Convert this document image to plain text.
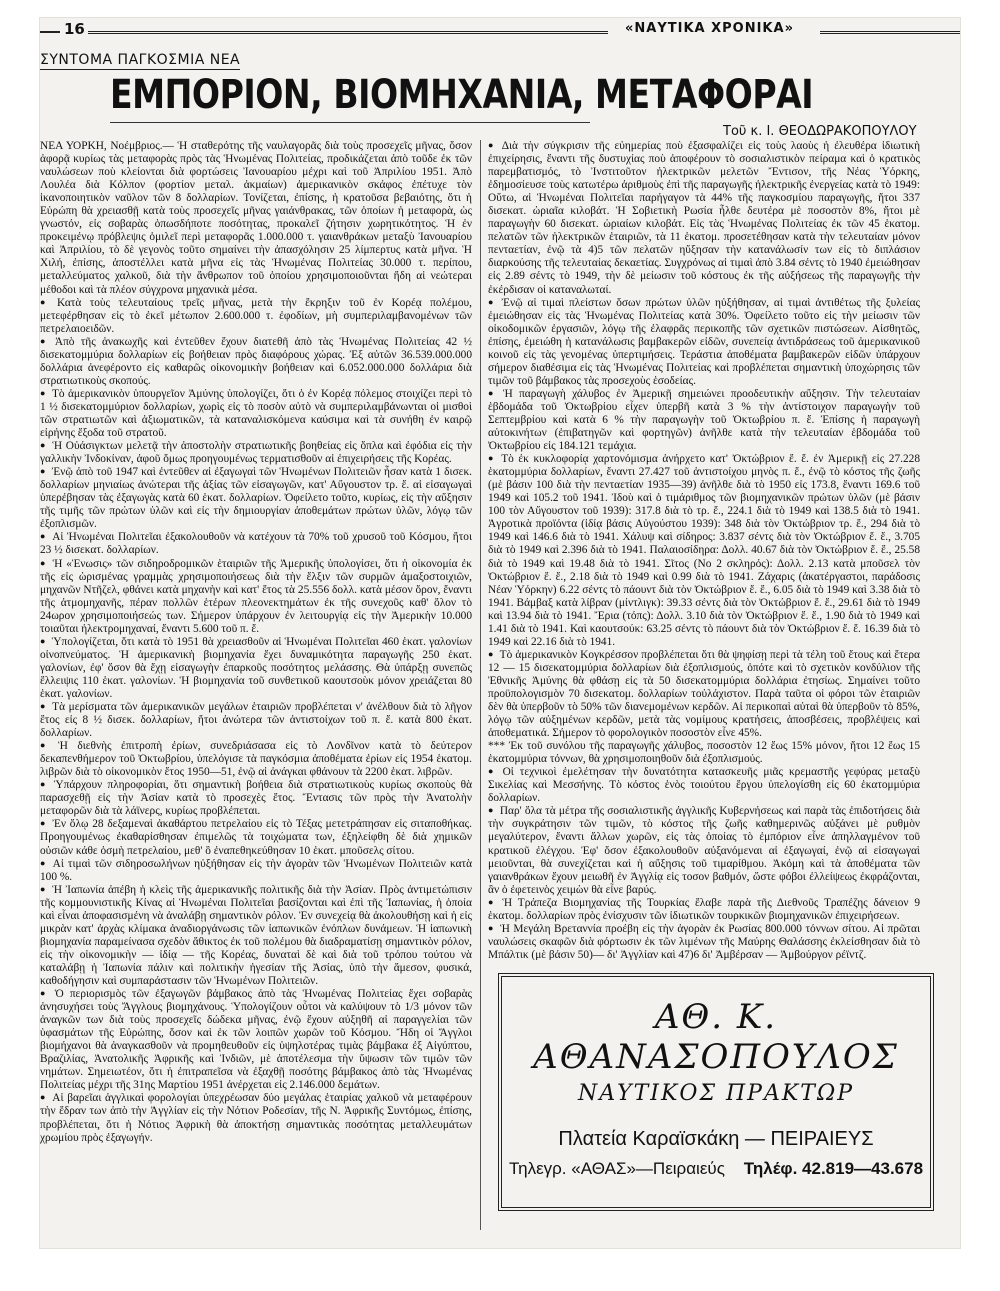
16	«ΝΑΥΤΙΚΑ ΧΡΟΝΙΚΑ»
ΣΥΝΤΟΜΑ ΠΑΓΚΟΣΜΙΑ ΝΕΑ
ΕΜΠΟΡΙΟΝ, ΒΙΟΜΗΧΑΝΙΑ, ΜΕΤΑΦΟΡΑΙ
Τοῦ κ. Ι. ΘΕΟΔΩΡΑΚΟΠΟΥΛΟΥ

ΝΕΑ ΥΟΡΚΗ, Νοέμβριος.— Ἡ σταθερότης τῆς ναυλαγορᾶς διὰ τοὺς προσεχεῖς μῆνας, ὅσον ἀφορᾷ κυρίως τὰς μεταφορὰς πρὸς τὰς Ἡνωμένας Πολιτείας, προδικάζεται ἀπὸ τοῦδε ἐκ τῶν ναυλώσεων ποὺ κλείονται διὰ φορτώσεις Ἰανουαρίου μέχρι καὶ τοῦ Ἀπριλίου 1951. Ἀπὸ Λουλέα διὰ Κόλπον (φορτίον μεταλ. ἀκμαίων) ἀμερικανικὸν σκάφος ἐπέτυχε τὸν ἱκανοποιητικὸν ναῦλον τῶν 8 δολλαρίων. Τονίζεται, ἐπίσης, ἡ κρατοῦσα βεβαιότης, ὅτι ἡ Εὐρώπη θὰ χρειασθῇ κατὰ τοὺς προσεχεῖς μῆνας γαιάνθρακας, τῶν ὁποίων ἡ μεταφορὰ, ὡς γνωστόν, εἰς σοβαρὰς ὁπωσδήποτε ποσότητας, προκαλεῖ ζήτησιν χωρητικότητος. Ἡ ἐν προκειμένῳ πρόβλεψις ὁμιλεῖ περὶ μεταφορᾶς 1.000.000 τ. γαιανθράκων μεταξὺ Ἰανουαρίου καὶ Ἀπριλίου, τὸ δὲ γεγονὸς τοῦτο σημαίνει τὴν ἀπασχόλησιν 25 λίμπερτυς κατὰ μῆνα. Ἡ Χιλή, ἐπίσης, ἀποστέλλει κατὰ μῆνα εἰς τὰς Ἡνωμένας Πολιτείας 30.000 τ. περίπου, μεταλλεύματος χαλκοῦ, διὰ τὴν ἄνθρωπον τοῦ ὁποίου χρησιμοποιοῦνται ἤδη αἱ νεώτεραι μέθοδοι καὶ τὰ πλέον σύγχρονα μηχανικὰ μέσα.

● Κατὰ τοὺς τελευταίους τρεῖς μῆνας, μετὰ τὴν ἔκρηξιν τοῦ ἐν Κορέᾳ πολέμου, μετεφέρθησαν εἰς τὸ ἐκεῖ μέτωπον 2.600.000 τ. ἐφοδίων, μὴ συμπεριλαμβανομένων τῶν πετρελαιοειδῶν.

● Ἀπὸ τῆς ἀνακωχῆς καὶ ἐντεῦθεν ἔχουν διατεθῆ ἀπὸ τὰς Ἡνωμένας Πολιτείας 42 ½ δισεκατομμύρια δολλαρίων εἰς βοήθειαν πρὸς διαφόρους χώρας. Ἐξ αὐτῶν 36.539.000.000 δολλάρια ἀνεφέροντο εἰς καθαρῶς οἰκονομικὴν βοήθειαν καὶ 6.052.000.000 δολλάρια διὰ στρατιωτικοὺς σκοπούς.

● Τὸ ἀμερικανικὸν ὑπουργεῖον Ἀμύνης ὑπολογίζει, ὅτι ὁ ἐν Κορέᾳ πόλεμος στοιχίζει περὶ τὸ 1 ½ δισεκατομμύριον δολλαρίων, χωρὶς εἰς τὸ ποσὸν αὐτὸ νὰ συμπεριλαμβάνωνται οἱ μισθοὶ τῶν στρατιωτῶν καὶ ἀξιωματικῶν, τὰ καταναλισκόμενα καύσιμα καὶ τὰ συνήθη ἐν καιρῷ εἰρήνης ἔξοδα τοῦ στρατοῦ.

● Ἡ Οὐάσιγκτων μελετᾷ τὴν ἀποστολὴν στρατιωτικῆς βοηθείας εἰς ὅπλα καὶ ἐφόδια εἰς τὴν γαλλικὴν Ἰνδοκίναν, ἀφοῦ ὅμως προηγουμένως τερματισθοῦν αἱ ἐπιχειρήσεις τῆς Κορέας.

● Ἐνῷ ἀπὸ τοῦ 1947 καὶ ἐντεῦθεν αἱ ἐξαγωγαὶ τῶν Ἡνωμένων Πολιτειῶν ἦσαν κατὰ 1 δισεκ. δολλαρίων μηνιαίως ἀνώτεραι τῆς ἀξίας τῶν εἰσαγωγῶν, κατ' Αὔγουστον τρ. ἔ. αἱ εἰσαγωγαὶ ὑπερέβησαν τὰς ἐξαγωγὰς κατὰ 60 ἑκατ. δολλαρίων. Ὀφείλετο τοῦτο, κυρίως, εἰς τὴν αὔξησιν τῆς τιμῆς τῶν πρώτων ὑλῶν καὶ εἰς τὴν δημιουργίαν ἀποθεμάτων πρώτων ὑλῶν, λόγῳ τῶν ἐξοπλισμῶν.

● Αἱ Ἡνωμέναι Πολιτεῖαι ἐξακολουθοῦν νὰ κατέχουν τὰ 70% τοῦ χρυσοῦ τοῦ Κόσμου, ἤτοι 23 ½ δισεκατ. δολλαρίων.

● Ἡ «Ἑνωσις» τῶν σιδηροδρομικῶν ἑταιριῶν τῆς Ἀμερικῆς ὑπολογίσει, ὅτι ἡ οἰκονομία ἐκ τῆς εἰς ὡρισμένας γραμμὰς χρησιμοποιήσεως διὰ τὴν ἕλξιν τῶν συρμῶν ἀμαξοστοιχιῶν, μηχανῶν Ντῆζελ, φθάνει κατὰ μηχανὴν καὶ κατ' ἔτος τὰ 25.556 δολλ. κατὰ μέσον ὅρον, ἔναντι τῆς ἀτμομηχανῆς, πέραν πολλῶν ἑτέρων πλεονεκτημάτων ἐκ τῆς συνεχοῦς καθ' ὅλον τὸ 24ωρον χρησιμοποιήσεώς των. Σήμερον ὑπάρχουν ἐν λειτουργίᾳ εἰς τὴν Ἀμερικὴν 10.000 τοιαῦται ἠλεκτρομηχαναί, ἔναντι 5.600 τοῦ π. ἔ.

● Ὑπολογίζεται, ὅτι κατὰ τὸ 1951 θὰ χρειασθοῦν αἱ Ἡνωμέναι Πολιτεῖαι 460 ἑκατ. γαλονίων οἰνοπνεύματος. Ἡ ἀμερικανικὴ βιομηχανία ἔχει δυναμικότητα παραγωγῆς 250 ἑκατ. γαλονίων, ἐφ' ὅσον θὰ ἔχῃ εἰσαγωγὴν ἐπαρκοῦς ποσότητος μελάσσης. Θὰ ὑπάρξῃ συνεπῶς ἔλλειψις 110 ἑκατ. γαλονίων. Ἡ βιομηχανία τοῦ συνθετικοῦ καουτσοὺκ μόνον χρειάζεται 80 ἑκατ. γαλονίων.

● Τὰ μερίσματα τῶν ἀμερικανικῶν μεγάλων ἑταιριῶν προβλέπεται ν' ἀνέλθουν διὰ τὸ λῆγον ἔτος εἰς 8 ½ δισεκ. δολλαρίων, ἤτοι ἀνώτερα τῶν ἀντιστοίχων τοῦ π. ἔ. κατὰ 800 ἑκατ. δολλαρίων.

● Ἡ διεθνὴς ἐπιτροπὴ ἐρίων, συνεδριάσασα εἰς τὸ Λονδῖνον κατὰ τὸ δεύτερον δεκαπενθήμερον τοῦ Ὀκτωβρίου, ὑπελόγισε τὰ παγκόσμια ἀποθέματα ἐρίων εἰς 1954 ἑκατομ. λιβρῶν διὰ τὸ οἰκονομικὸν ἔτος 1950—51, ἐνῷ αἱ ἀνάγκαι φθάνουν τὰ 2200 ἑκατ. λιβρῶν.

● Ὑπάρχουν πληροφορίαι, ὅτι σημαντικὴ βοήθεια διὰ στρατιωτικοὺς κυρίως σκοποὺς θὰ παρασχεθῇ εἰς τὴν Ἀσίαν κατὰ τὸ προσεχὲς ἔτος. Ἔντασις τῶν πρὸς τὴν Ἀνατολὴν μεταφορῶν διὰ τὰ λάϊνερς, κυρίως προβλέπεται.

● Ἐν ὅλῳ 28 δεξαμεναὶ ἀκαθάρτου πετρελαίου εἰς τὸ Τέξας μετετράπησαν εἰς σιταποθήκας. Προηγουμένως ἐκαθαρίσθησαν ἐπιμελῶς τὰ τοιχώματα των, ἐξηλείφθη δὲ διὰ χημικῶν οὐσιῶν κάθε ὀσμὴ πετρελαίου, μεθ' ὃ ἐναπεθηκεύθησαν 10 ἑκατ. μποῦσελς σίτου.

● Αἱ τιμαὶ τῶν σιδηροσωλήνων ηὐξήθησαν εἰς τὴν ἀγορὰν τῶν Ἡνωμένων Πολιτειῶν κατὰ 100 %.

● Ἡ Ἰαπωνία ἀπέβη ἡ κλεὶς τῆς ἀμερικανικῆς πολιτικῆς διὰ τὴν Ἀσίαν. Πρὸς ἀντιμετώπισιν τῆς κομμουνιστικῆς Κίνας αἱ Ἡνωμέναι Πολιτεῖαι βασίζονται καὶ ἐπὶ τῆς Ἰαπωνίας, ἡ ὁποία καὶ εἶναι ἀποφασισμένη νὰ ἀναλάβῃ σημαντικὸν ρόλον. Ἐν συνεχείᾳ θὰ ἀκολουθήσῃ καὶ ἡ εἰς μικρὰν κατ' ἀρχὰς κλίμακα ἀναδιοργάνωσις τῶν ἰαπωνικῶν ἐνόπλων δυνάμεων. Ἡ ἰαπωνικὴ βιομηχανία παραμείνασα σχεδὸν ἄθικτος ἐκ τοῦ πολέμου θὰ διαδραματίσῃ σημαντικὸν ρόλον, εἰς τὴν οἰκονομικὴν — ἰδίᾳ — τῆς Κορέας, δυναταὶ δὲ καὶ διὰ τοῦ τρόπου τούτου νὰ καταλάβῃ ἡ Ἰαπωνία πάλιν καὶ πολιτικὴν ἡγεσίαν τῆς Ἀσίας, ὑπὸ τὴν ἄμεσον, φυσικά, καθοδήγησιν καὶ συμπαράστασιν τῶν Ἡνωμένων Πολιτειῶν.

● Ὁ περιορισμὸς τῶν ἐξαγωγῶν βάμβακος ἀπὸ τὰς Ἡνωμένας Πολιτείας ἔχει σοβαρὰς ἀνησυχήσει τοὺς Ἄγγλους βιομηχάνους. Ὑπολογίζουν οὗτοι νὰ καλύψουν τὸ 1/3 μόνον τῶν ἀναγκῶν των διὰ τοὺς προσεχεῖς δώδεκα μῆνας, ἐνῷ ἔχουν αὐξηθῆ αἱ παραγγελίαι τῶν ὑφασμάτων τῆς Εὐρώπης, ὅσον καὶ ἐκ τῶν λοιπῶν χωρῶν τοῦ Κόσμου. Ἤδη οἱ Ἄγγλοι βιομήχανοι θὰ ἀναγκασθοῦν νὰ προμηθευθοῦν εἰς ὑψηλοτέρας τιμὰς βάμβακα ἐξ Αἰγύπτου, Βραζιλίας, Ἀνατολικῆς Ἀφρικῆς καὶ Ἰνδιῶν, μὲ ἀποτέλεσμα τὴν ὕψωσιν τῶν τιμῶν τῶν νημάτων. Σημειωτέον, ὅτι ἡ ἐπιτραπεῖσα νὰ ἐξαχθῇ ποσότης βάμβακος ἀπὸ τὰς Ἡνωμένας Πολιτείας μέχρι τῆς 31ης Μαρτίου 1951 ἀνέρχεται εἰς 2.146.000 δεμάτων.

● Αἱ βαρεῖαι ἀγγλικαὶ φορολογίαι ὑπεχρέωσαν δύο μεγάλας ἑταιρίας χαλκοῦ νὰ μεταφέρουν τὴν ἕδραν των ἀπὸ τὴν Ἀγγλίαν εἰς τὴν Νότιον Ροδεσίαν, τῆς Ν. Ἀφρικῆς Συντόμως, ἐπίσης, προβλέπεται, ὅτι ἡ Νότιος Ἀφρικὴ θὰ ἀποκτήσῃ σημαντικὰς ποσότητας μεταλλευμάτων χρωμίου πρὸς ἐξαγωγήν.

● Διὰ τὴν σύγκρισιν τῆς εὐημερίας ποὺ ἐξασφαλίζει εἰς τοὺς λαοὺς ἡ ἐλευθέρα ἰδιωτικὴ ἐπιχείρησις, ἔναντι τῆς δυστυχίας ποὺ ἀποφέρουν τὸ σοσιαλιστικὸν πείραμα καὶ ὁ κρατικὸς παρεμβατισμός, τὸ Ἰνστιτοῦτον ἠλεκτρικῶν μελετῶν Ἔντισον, τῆς Νέας Ὑόρκης, ἐδημοσίευσε τοὺς κατωτέρω ἀριθμοὺς ἐπὶ τῆς παραγωγῆς ἠλεκτρικῆς ἐνεργείας κατὰ τὸ 1949: Οὕτω, αἱ Ἡνωμέναι Πολιτεῖαι παρήγαγον τὰ 44% τῆς παγκοσμίου παραγωγῆς, ἤτοι 337 δισεκατ. ὡριαῖα κιλοβάτ. Ἡ Σοβιετικὴ Ρωσία ἦλθε δευτέρα μὲ ποσοστὸν 8%, ἤτοι μὲ παραγωγὴν 60 δισεκατ. ὡριαίων κιλοβάτ. Εἰς τὰς Ἡνωμένας Πολιτείας ἐκ τῶν 45 ἑκατομ. πελατῶν τῶν ἠλεκτρικῶν ἑταιριῶν, τὰ 11 ἑκατομ. προσετέθησαν κατὰ τὴν τελευταίαν μόνον πενταετίαν, ἐνῷ τὰ 4)5 τῶν πελατῶν ηὔξησαν τὴν κατανάλωσίν των εἰς τὸ διπλάσιον διαρκούσης τῆς τελευταίας δεκαετίας. Συγχρόνως αἱ τιμαὶ ἀπὸ 3.84 σέντς τὸ 1940 ἐμειώθησαν εἰς 2.89 σέντς τὸ 1949, τὴν δὲ μείωσιν τοῦ κόστους ἐκ τῆς αὐξήσεως τῆς παραγωγῆς τὴν ἐκέρδισαν οἱ καταναλωταί.

● Ἐνῷ αἱ τιμαὶ πλείστων ὅσων πρώτων ὑλῶν ηὐξήθησαν, αἱ τιμαὶ ἀντιθέτως τῆς ξυλείας ἐμειώθησαν εἰς τὰς Ἡνωμένας Πολιτείας κατὰ 30%. Ὀφείλετο τοῦτο εἰς τὴν μείωσιν τῶν οἰκοδομικῶν ἐργασιῶν, λόγῳ τῆς ἐλαφρᾶς περικοπῆς τῶν σχετικῶν πιστώσεων. Αἰσθητῶς, ἐπίσης, ἐμειώθη ἡ κατανάλωσις βαμβακερῶν εἰδῶν, συνεπείᾳ ἀντιδράσεως τοῦ ἀμερικανικοῦ κοινοῦ εἰς τὰς γενομένας ὑπερτιμήσεις. Τεράστια ἀποθέματα βαμβακερῶν εἰδῶν ὑπάρχουν σήμερον διαθέσιμα εἰς τὰς Ἡνωμένας Πολιτείας καὶ προβλέπεται σημαντικὴ ὑποχώρησις τῶν τιμῶν τοῦ βάμβακος τὰς προσεχοὺς ἑσοδείας.

● Ἡ παραγωγὴ χάλυβος ἐν Ἀμερικῇ σημειώνει προοδευτικὴν αὔξησιν. Τὴν τελευταίαν ἑβδομάδα τοῦ Ὀκτωβρίου εἶχεν ὑπερβῆ κατὰ 3 % τὴν ἀντίστοιχον παραγωγὴν τοῦ Σεπτεμβρίου καὶ κατὰ 6 % τὴν παραγωγὴν τοῦ Ὀκτωβρίου π. ἔ. Ἐπίσης ἡ παραγωγὴ αὐτοκινήτων (ἐπιβατηγῶν καὶ φορτηγῶν) ἀνῆλθε κατὰ τὴν τελευταίαν ἑβδομάδα τοῦ Ὀκτωβρίου εἰς 184.121 τεμάχια.

● Τὸ ἐκ κυκλοφορίᾳ χαρτονόμισμα ἀνήρχετο κατ' Ὀκτώβριον ἔ. ἔ. ἐν Ἀμερικῇ εἰς 27.228 ἑκατομμύρια δολλαρίων, ἔναντι 27.427 τοῦ ἀντιστοίχου μηνὸς π. ἔ., ἐνῷ τὸ κόστος τῆς ζωῆς (μὲ βάσιν 100 διὰ τὴν πενταετίαν 1935—39) ἀνῆλθε διὰ τὸ 1950 εἰς 173.8, ἔναντι 169.6 τοῦ 1949 καὶ 105.2 τοῦ 1941. Ἰδοὺ καὶ ὁ τιμάριθμος τῶν βιομηχανικῶν πρώτων ὑλῶν (μὲ βάσιν 100 τὸν Αὔγουστον τοῦ 1939): 317.8 διὰ τὸ τρ. ἔ., 224.1 διὰ τὸ 1949 καὶ 138.5 διὰ τὸ 1941. Ἀγροτικὰ προϊόντα (ἰδίᾳ βάσις Αὐγούστου 1939): 348 διὰ τὸν Ὀκτώβριον τρ. ἔ., 294 διὰ τὸ 1949 καὶ 146.6 διὰ τὸ 1941. Χάλυψ καὶ σίδηρος: 3.837 σέντς διὰ τὸν Ὀκτώβριον ἔ. ἔ., 3.705 διὰ τὸ 1949 καὶ 2.396 διὰ τὸ 1941. Παλαιοσίδηρα: Δολλ. 40.67 διὰ τὸν Ὀκτώβριον ἔ. ἔ., 25.58 διὰ τὸ 1949 καὶ 19.48 διὰ τὸ 1941. Σῖτος (Νο 2 σκληρός): Δολλ. 2.13 κατὰ μποῦσελ τὸν Ὀκτώβριον ἔ. ἔ., 2.18 διὰ τὸ 1949 καὶ 0.99 διὰ τὸ 1941. Ζάχαρις (ἀκατέργαστοι, παράδοσις Νέαν Ὑόρκην) 6.22 σέντς τὸ πάουντ διὰ τὸν Ὀκτώβριον ἔ. ἔ., 6.05 διὰ τὸ 1949 καὶ 3.38 διὰ τὸ 1941. Βάμβαξ κατὰ λίβραν (μίντλιγκ): 39.33 σέντς διὰ τὸν Ὀκτώβριον ἔ. ἔ., 29.61 διὰ τὸ 1949 καὶ 13.94 διὰ τὸ 1941. Ἔρια (τόπς): Δολλ. 3.10 διὰ τὸν Ὀκτώβριον ἔ. ἔ., 1.90 διὰ τὸ 1949 καὶ 1.41 διὰ τὸ 1941. Καὶ καουτσούκ: 63.25 σέντς τὸ πάουντ διὰ τὸν Ὀκτώβριον ἔ. ἔ. 16.39 διὰ τὸ 1949 καὶ 22.16 διὰ τὸ 1941.

● Τὸ ἀμερικανικὸν Κογκρέσσον προβλέπεται ὅτι θὰ ψηφίσῃ περὶ τὰ τέλη τοῦ ἔτους καὶ ἕτερα 12 — 15 δισεκατομμύρια δολλαρίων διὰ ἐξοπλισμούς, ὁπότε καὶ τὸ σχετικὸν κονδύλιον τῆς Ἐθνικῆς Ἀμύνης θὰ φθάσῃ εἰς τὰ 50 δισεκατομμύρια δολλάρια ἐτησίως. Σημαίνει τοῦτο προϋπολογισμὸν 70 δισεκατομ. δολλαρίων τοὐλάχιστον. Παρὰ ταῦτα οἱ φόροι τῶν ἑταιριῶν δὲν θὰ ὑπερβοῦν τὸ 50% τῶν διανεμομένων κερδῶν. Αἱ περικοπαὶ αὐταὶ θὰ ὑπερβοῦν τὸ 85%, λόγῳ τῶν αὐξημένων κερδῶν, μετὰ τὰς νομίμους κρατήσεις, ἀποσβέσεις, προβλέψεις καὶ ἀποθεματικά. Σήμερον τὸ φορολογικὸν ποσοστὸν εἶνε 45%.

*** Ἐκ τοῦ συνόλου τῆς παραγωγῆς χάλυβος, ποσοστὸν 12 ἕως 15% μόνον, ἤτοι 12 ἕως 15 ἑκατομμύρια τόννων, θὰ χρησιμοποιηθοῦν διὰ ἐξοπλισμούς.

● Οἱ τεχνικοὶ ἐμελέτησαν τὴν δυνατότητα κατασκευῆς μιᾶς κρεμαστῆς γεφύρας μεταξὺ Σικελίας καὶ Μεσσήνης. Τὸ κόστος ἑνὸς τοιούτου ἔργου ὑπελογίσθη εἰς 60 ἑκατομμύρια δολλαρίων.

● Παρ' ὅλα τὰ μέτρα τῆς σοσιαλιστικῆς ἀγγλικῆς Κυβερνήσεως καὶ παρὰ τὰς ἐπιδοτήσεις διὰ τὴν συγκράτησιν τῶν τιμῶν, τὸ κόστος τῆς ζωῆς καθημερινῶς αὐξάνει μὲ ρυθμὸν μεγαλύτερον, ἔναντι ἄλλων χωρῶν, εἰς τὰς ὁποίας τὸ ἐμπόριον εἶνε ἀπηλλαγμένον τοῦ κρατικοῦ ἐλέγχου. Ἐφ' ὅσον ἐξακολουθοῦν αὐξανόμεναι αἱ ἐξαγωγαί, ἐνῷ αἱ εἰσαγωγαὶ μειοῦνται, θὰ συνεχίζεται καὶ ἡ αὔξησις τοῦ τιμαρίθμου. Ἀκόμη καὶ τὰ ἀποθέματα τῶν γαιανθράκων ἔχουν μειωθῆ ἐν Ἀγγλίᾳ εἰς τοσον βαθμόν, ὥστε φόβοι ἐλλείψεως ἐκφράζονται, ἂν ὁ ἐφετεινὸς χειμὼν θὰ εἶνε βαρύς.

● Ἡ Τράπεζα Βιομηχανίας τῆς Τουρκίας ἔλαβε παρὰ τῆς Διεθνοῦς Τραπέζης δάνειον 9 ἑκατομ. δολλαρίων πρὸς ἐνίσχυσιν τῶν ἰδιωτικῶν τουρκικῶν βιομηχανικῶν ἐπιχειρήσεων.

● Ἡ Μεγάλη Βρεταννία προέβη εἰς τὴν ἀγορὰν ἐκ Ρωσίας 800.000 τόννων σίτου. Αἱ πρῶται ναυλώσεις σκαφῶν διὰ φόρτωσιν ἐκ τῶν λιμένων τῆς Μαύρης Θαλάσσης ἐκλείσθησαν διὰ τὸ Μπάλτικ (μὲ βάσιν 50)— δι' Ἀγγλίαν καὶ 47)6 δι' Ἀμβέρσαν — Ἀμβούργον ρέϊντζ.

ΑΘ. Κ. ΑΘΑΝΑΣΟΠΟΥΛΟΣ
ΝΑΥΤΙΚΟΣ ΠΡΑΚΤΩΡ
Πλατεία Καραϊσκάκη — ΠΕΙΡΑΙΕΥΣ
Τηλεγρ. «ΑΘΑΣ»—Πειραιεύς Τηλέφ. 42.819—43.678
